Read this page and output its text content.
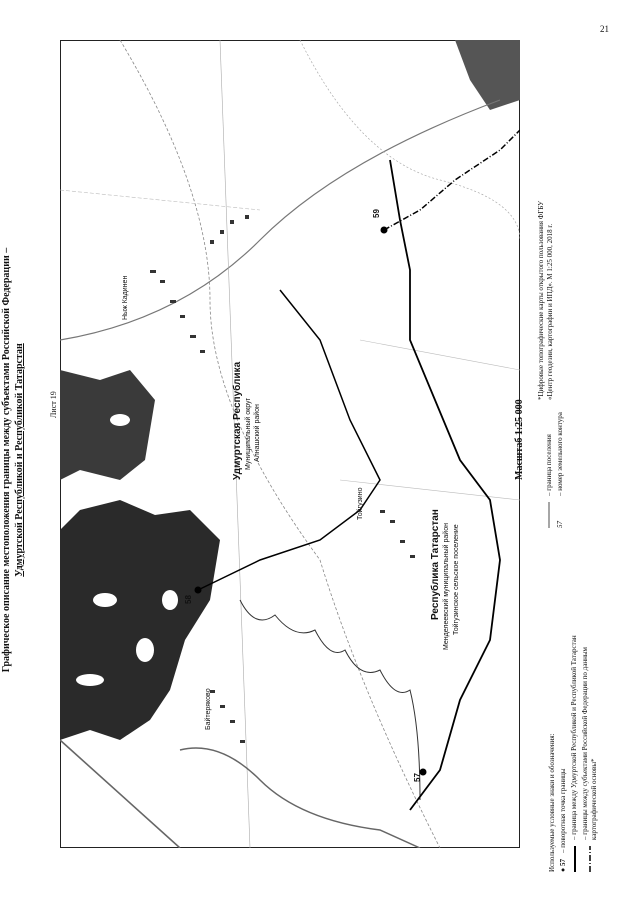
21
Графическое описание местоположения границы между субъектами Российской Федерации – Удмуртской Республикой и Республикой Татарстан	Лист 19	Удмуртская Республика Муниципальный округ Алнашский район
Республика Татарстан Менделеевский муниципальный район Тойгузинское сельское поселение
Ныж Кадинен
Тойгузино
Байтеряково
57
58
59
Масштаб 1:25 000
Используемые условные знаки и обозначения: ● 57
– поворотная точка границы – граница между Удмуртской Республикой и Республикой Татарстан – границы между субъектами Российской Федерации по данным картографической основы*
– граница поселения
57
– номер земельного контура
*Цифровые топографические карты открытого пользования ФГБУ «Центр геодезии, картографии и ИПД». М 1:25 000, 2018 г.
